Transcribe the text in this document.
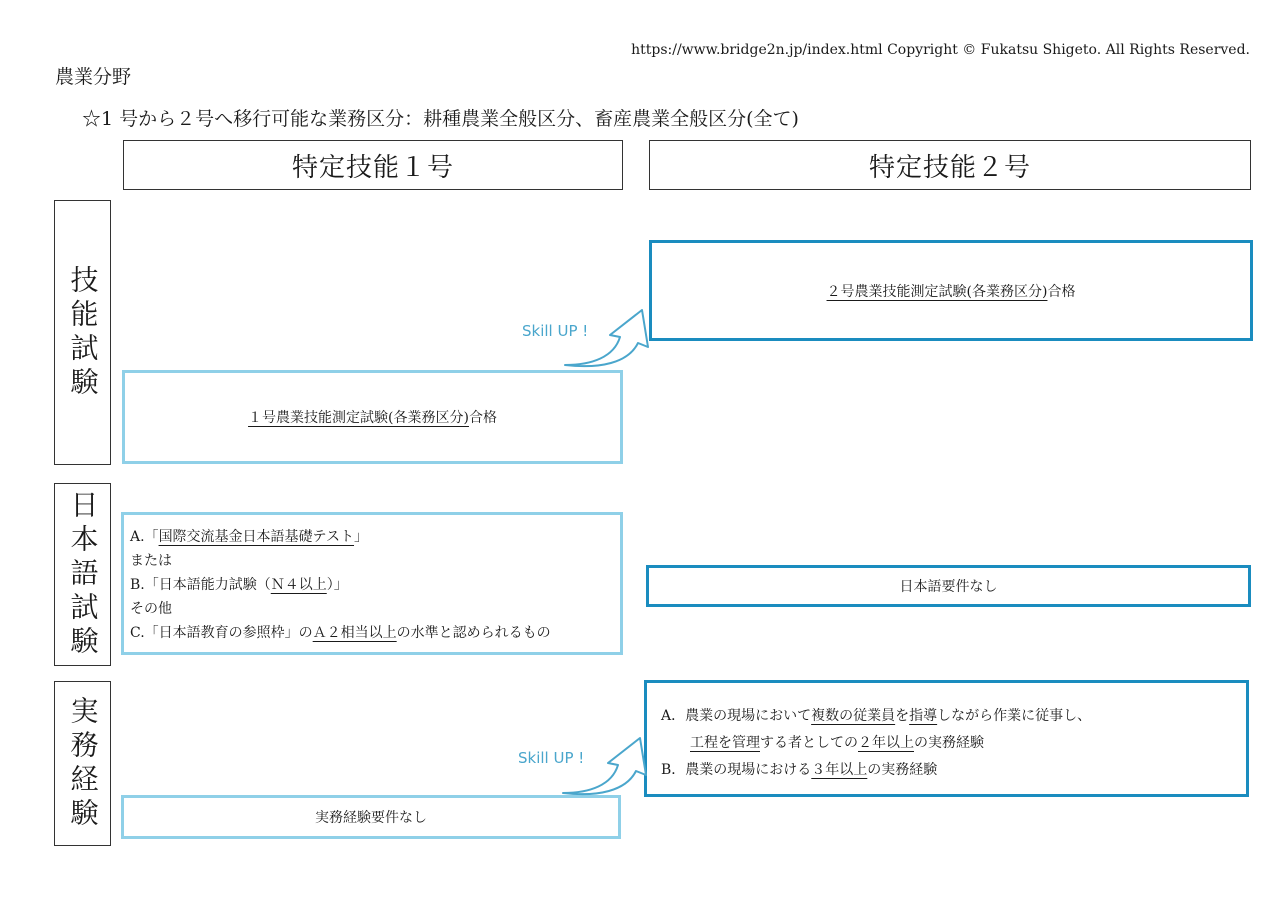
https://www.bridge2n.jp/index.html Copyright © Fukatsu Shigeto. All Rights Reserved.
農業分野
☆1 号から２号へ移行可能な業務区分：耕種農業全般区分、畜産農業全般区分(全て)
特定技能１号	特定技能２号
技能試験
日本語試験
実務経験
２号農業技能測定試験(各業務区分)合格
１号農業技能測定試験(各業務区分)合格
Skill UP !
A.「国際交流基金日本語基礎テスト」
または
B.「日本語能力試験（Ｎ４以上）」
その他
C.「日本語教育の参照枠」のＡ２相当以上の水準と認められるもの
日本語要件なし
A．農業の現場において複数の従業員を指導しながら作業に従事し、
工程を管理する者としての２年以上の実務経験
B．農業の現場における３年以上の実務経験
実務経験要件なし
Skill UP !
